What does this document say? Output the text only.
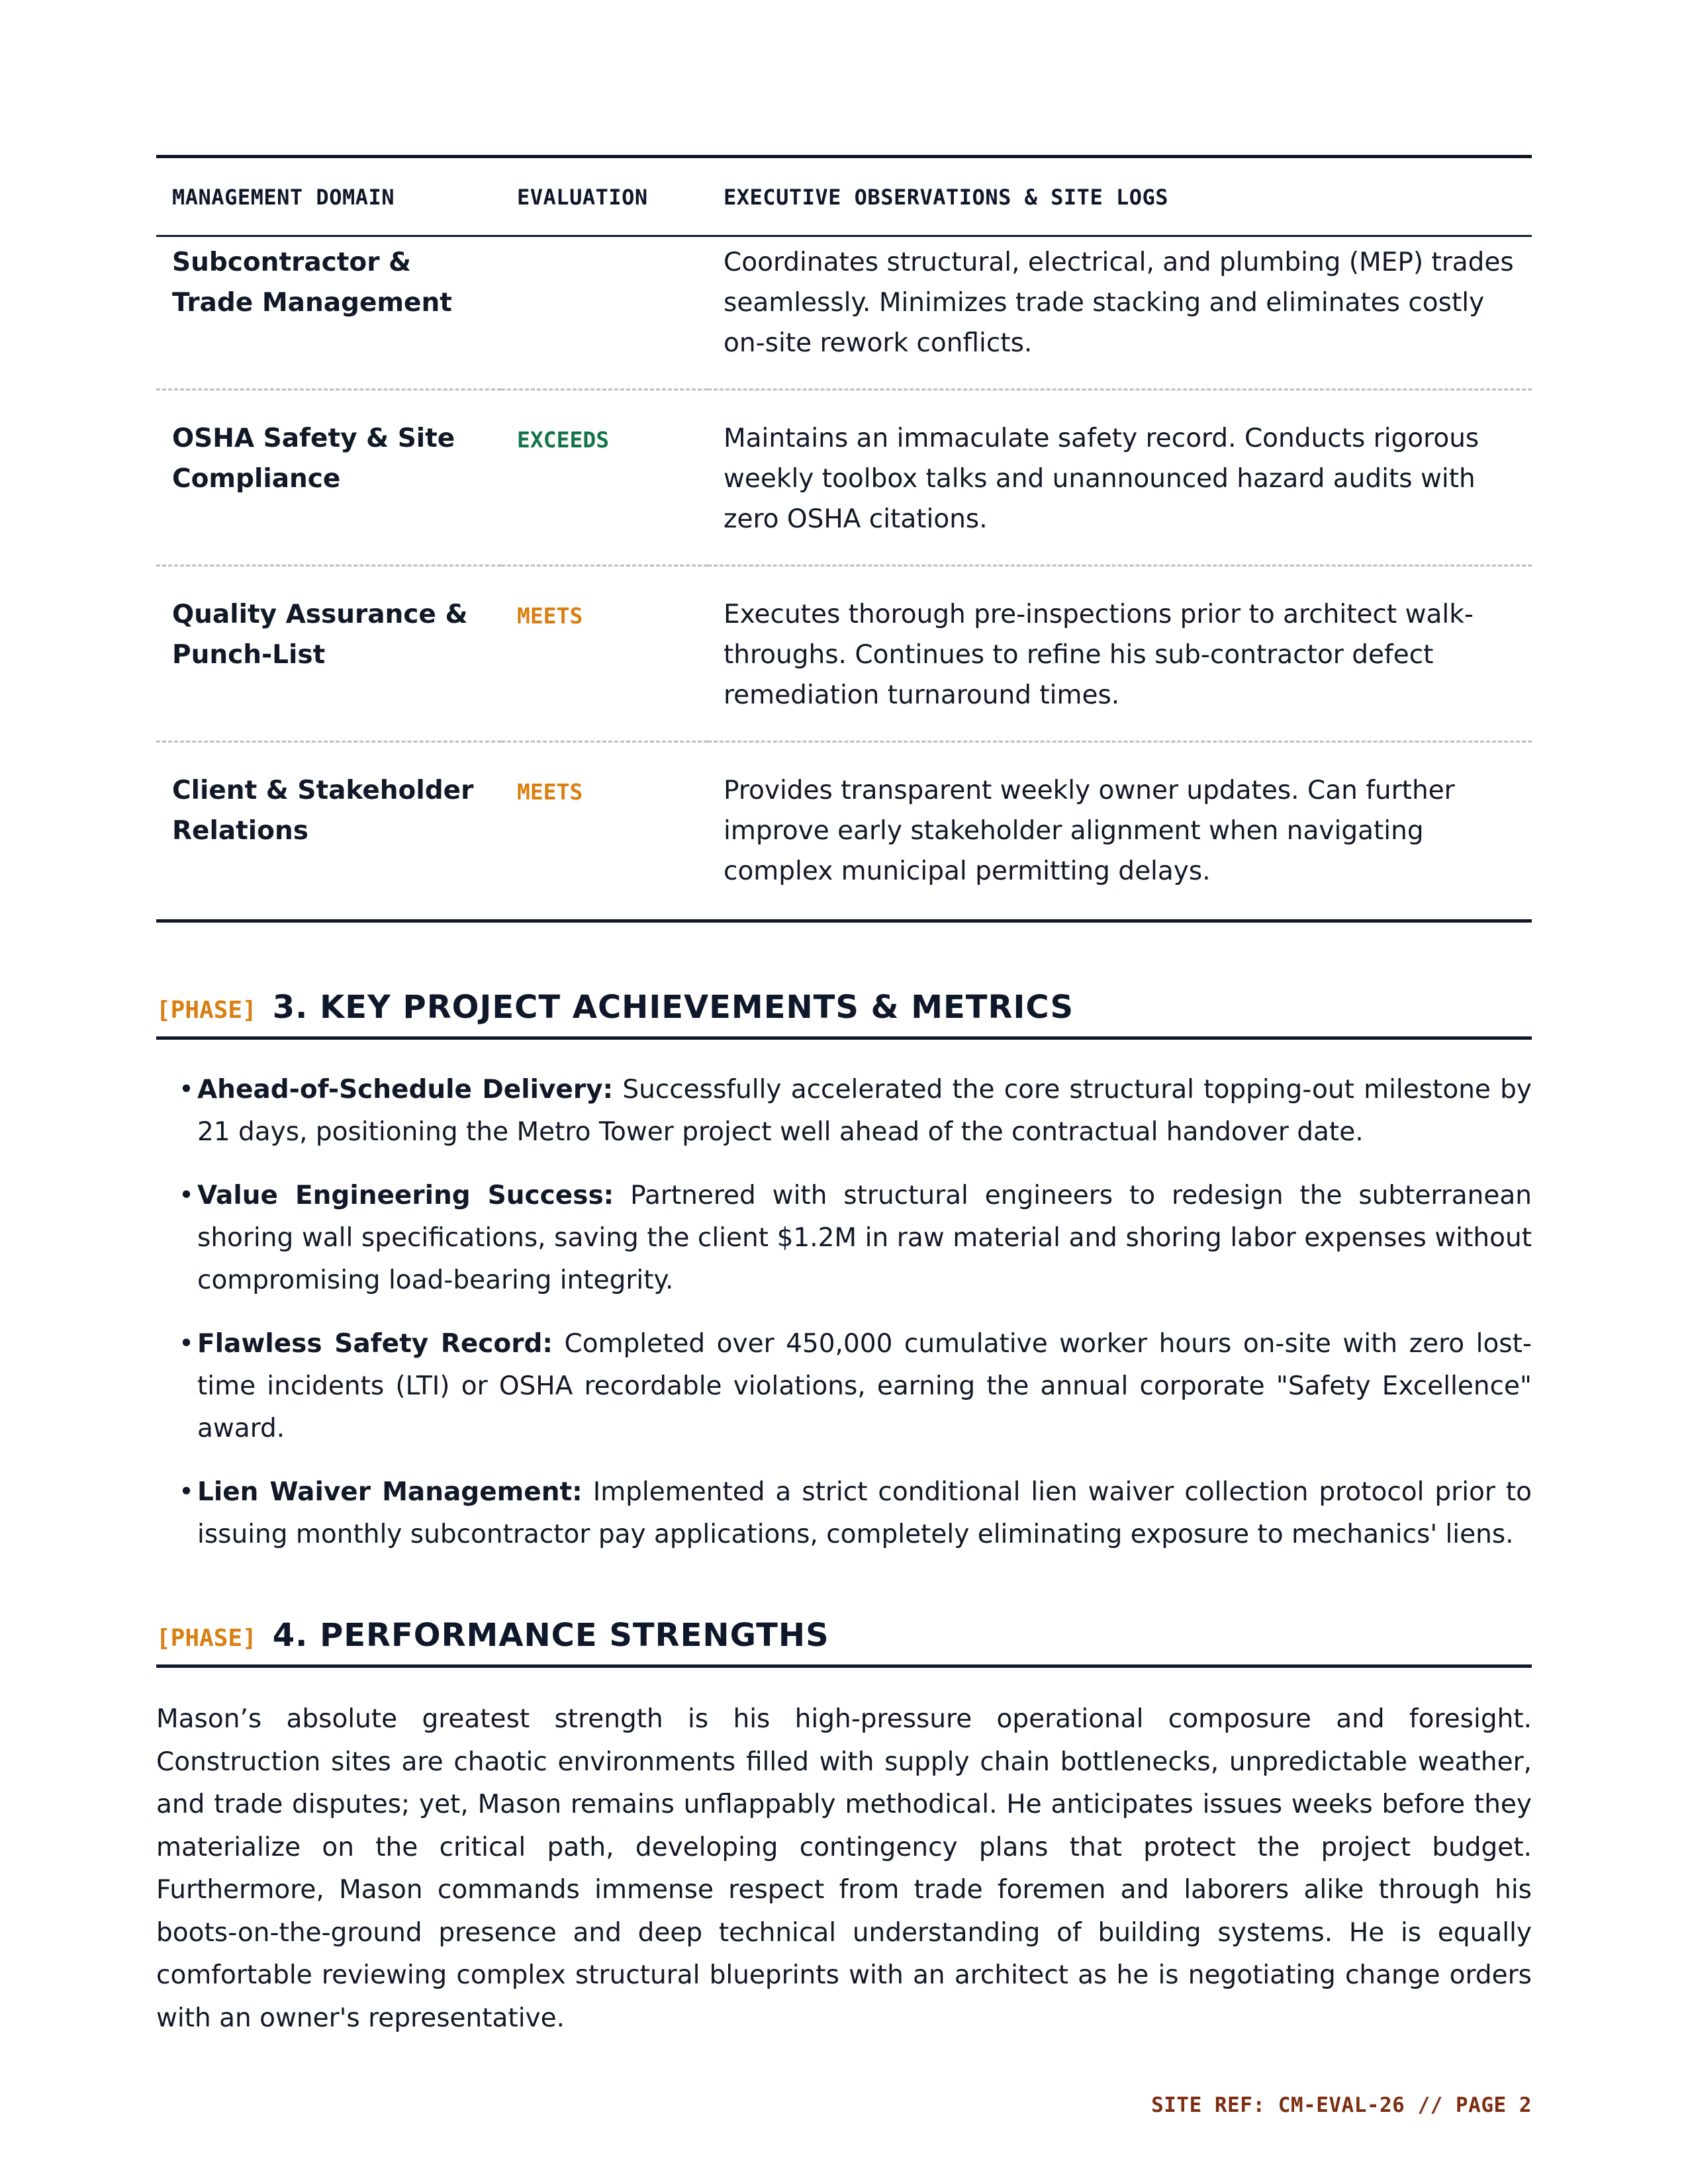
MANAGEMENT DOMAIN	EVALUATION	EXECUTIVE OBSERVATIONS & SITE LOGS
Subcontractor & Trade Management		Coordinates structural, electrical, and plumbing (MEP) trades seamlessly. Minimizes trade stacking and eliminates costly on-site rework conflicts.
OSHA Safety & Site Compliance	EXCEEDS	Maintains an immaculate safety record. Conducts rigorous weekly toolbox talks and unannounced hazard audits with zero OSHA citations.
Quality Assurance & Punch-List	MEETS	Executes thorough pre-inspections prior to architect walk-throughs. Continues to refine his sub-contractor defect remediation turnaround times.
Client & Stakeholder Relations	MEETS	Provides transparent weekly owner updates. Can further improve early stakeholder alignment when navigating complex municipal permitting delays.
[PHASE] 3. KEY PROJECT ACHIEVEMENTS & METRICS
• Ahead-of-Schedule Delivery: Successfully accelerated the core structural topping-out milestone by 21 days, positioning the Metro Tower project well ahead of the contractual handover date.
• Value Engineering Success: Partnered with structural engineers to redesign the subterranean shoring wall specifications, saving the client $1.2M in raw material and shoring labor expenses without compromising load-bearing integrity.
• Flawless Safety Record: Completed over 450,000 cumulative worker hours on-site with zero lost-time incidents (LTI) or OSHA recordable violations, earning the annual corporate "Safety Excellence" award.
• Lien Waiver Management: Implemented a strict conditional lien waiver collection protocol prior to issuing monthly subcontractor pay applications, completely eliminating exposure to mechanics' liens.
[PHASE] 4. PERFORMANCE STRENGTHS

Mason’s absolute greatest strength is his high-pressure operational composure and foresight. Construction sites are chaotic environments filled with supply chain bottlenecks, unpredictable weather, and trade disputes; yet, Mason remains unflappably methodical. He anticipates issues weeks before they materialize on the critical path, developing contingency plans that protect the project budget. Furthermore, Mason commands immense respect from trade foremen and laborers alike through his boots-on-the-ground presence and deep technical understanding of building systems. He is equally comfortable reviewing complex structural blueprints with an architect as he is negotiating change orders with an owner's representative.

SITE REF: CM-EVAL-26 // PAGE 2
